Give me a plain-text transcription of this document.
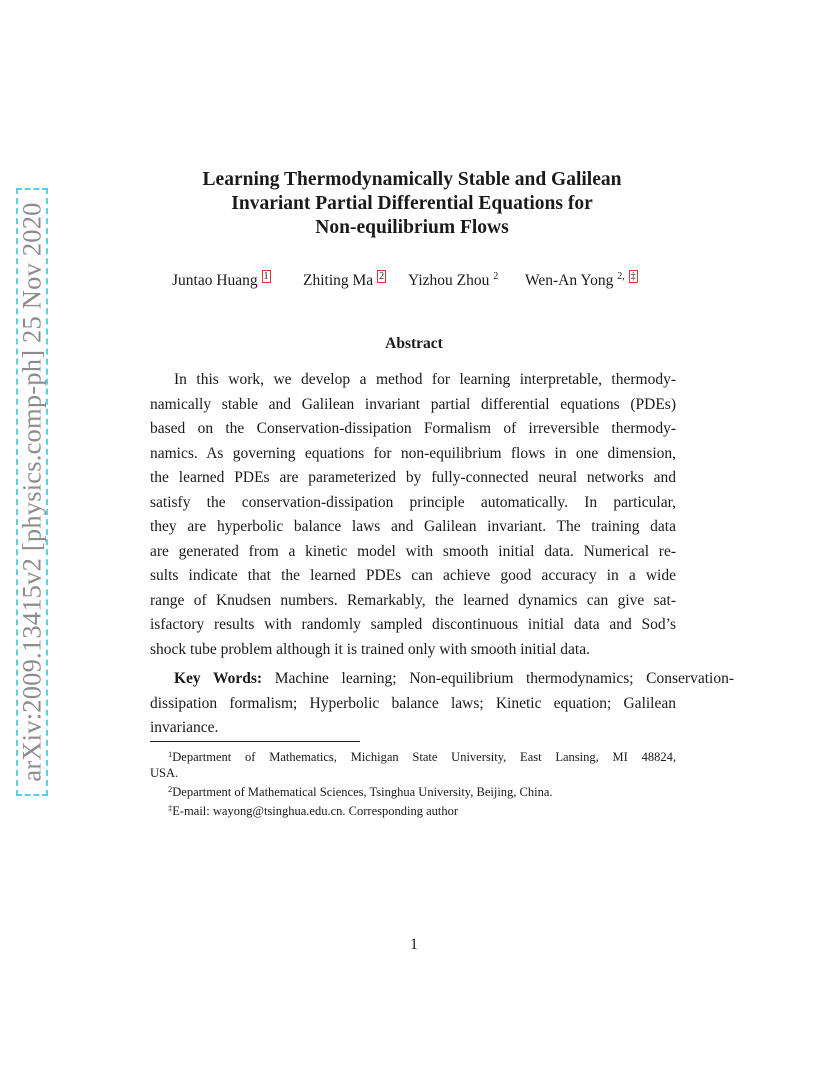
arXiv:2009.13415v2 [physics.comp-ph] 25 Nov 2020
Learning Thermodynamically Stable and Galilean
Invariant Partial Differential Equations for
Non-equilibrium Flows
Juntao Huang $^1$ Zhiting Ma $^2$ Yizhou Zhou $^2$ Wen-An Yong $^{2,}$ ‡
Abstract
In this work, we develop a method for learning interpretable, thermody-
namically stable and Galilean invariant partial differential equations (PDEs)
based on the Conservation-dissipation Formalism of irreversible thermody-
namics. As governing equations for non-equilibrium flows in one dimension,
the learned PDEs are parameterized by fully-connected neural networks and
satisfy the conservation-dissipation principle automatically. In particular,
they are hyperbolic balance laws and Galilean invariant. The training data
are generated from a kinetic model with smooth initial data. Numerical re-
sults indicate that the learned PDEs can achieve good accuracy in a wide
range of Knudsen numbers. Remarkably, the learned dynamics can give sat-
isfactory results with randomly sampled discontinuous initial data and Sod’s
shock tube problem although it is trained only with smooth initial data.
Key Words: Machine learning; Non-equilibrium thermodynamics; Conservation-
dissipation formalism; Hyperbolic balance laws; Kinetic equation; Galilean
invariance.
$^1$Department of Mathematics, Michigan State University, East Lansing, MI 48824,
USA.
$^2$Department of Mathematical Sciences, Tsinghua University, Beijing, China.
‡E-mail: wayong@tsinghua.edu.cn. Corresponding author
1
